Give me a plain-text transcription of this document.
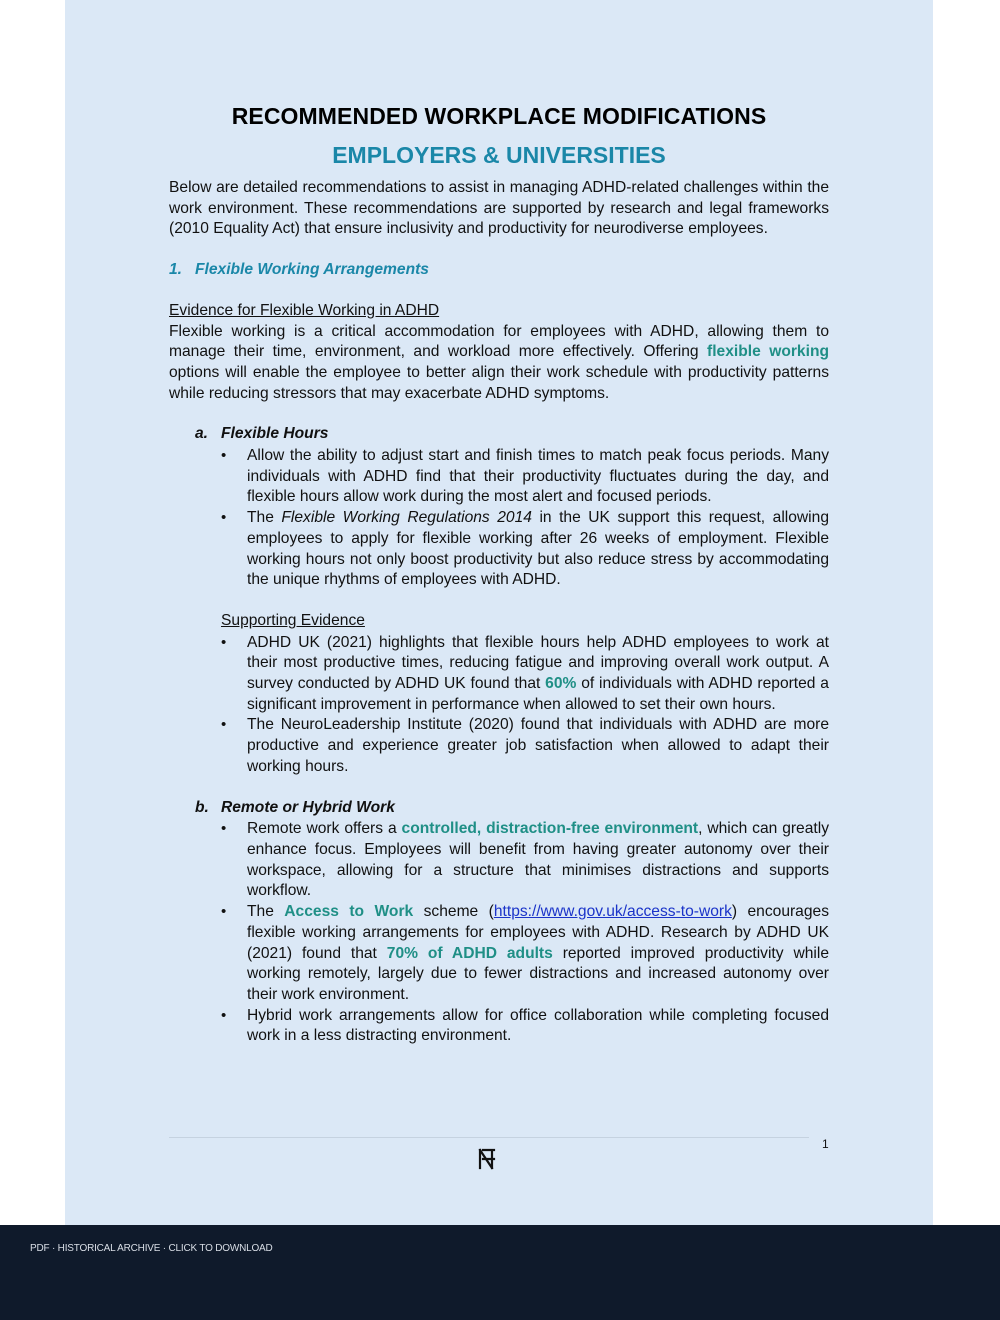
RECOMMENDED WORKPLACE MODIFICATIONS
EMPLOYERS & UNIVERSITIES

Below are detailed recommendations to assist in managing ADHD-related challenges within the work environment. These recommendations are supported by research and legal frameworks (2010 Equality Act) that ensure inclusivity and productivity for neurodiverse employees.

1. Flexible Working Arrangements
Evidence for Flexible Working in ADHD

Flexible working is a critical accommodation for employees with ADHD, allowing them to manage their time, environment, and workload more effectively. Offering flexible working options will enable the employee to better align their work schedule with productivity patterns while reducing stressors that may exacerbate ADHD symptoms.

a. Flexible Hours
• Allow the ability to adjust start and finish times to match peak focus periods. Many individuals with ADHD find that their productivity fluctuates during the day, and flexible hours allow work during the most alert and focused periods.
• The Flexible Working Regulations 2014 in the UK support this request, allowing employees to apply for flexible working after 26 weeks of employment. Flexible working hours not only boost productivity but also reduce stress by accommodating the unique rhythms of employees with ADHD.
Supporting Evidence
• ADHD UK (2021) highlights that flexible hours help ADHD employees to work at their most productive times, reducing fatigue and improving overall work output. A survey conducted by ADHD UK found that 60% of individuals with ADHD reported a significant improvement in performance when allowed to set their own hours.
• The NeuroLeadership Institute (2020) found that individuals with ADHD are more productive and experience greater job satisfaction when allowed to adapt their working hours.
b. Remote or Hybrid Work
• Remote work offers a controlled, distraction-free environment, which can greatly enhance focus. Employees will benefit from having greater autonomy over their workspace, allowing for a structure that minimises distractions and supports workflow.
• The Access to Work scheme (https://www.gov.uk/access-to-work) encourages flexible working arrangements for employees with ADHD. Research by ADHD UK (2021) found that 70% of ADHD adults reported improved productivity while working remotely, largely due to fewer distractions and increased autonomy over their work environment.
• Hybrid work arrangements allow for office collaboration while completing focused work in a less distracting environment.
1
PDF · HISTORICAL ARCHIVE · CLICK TO DOWNLOAD
